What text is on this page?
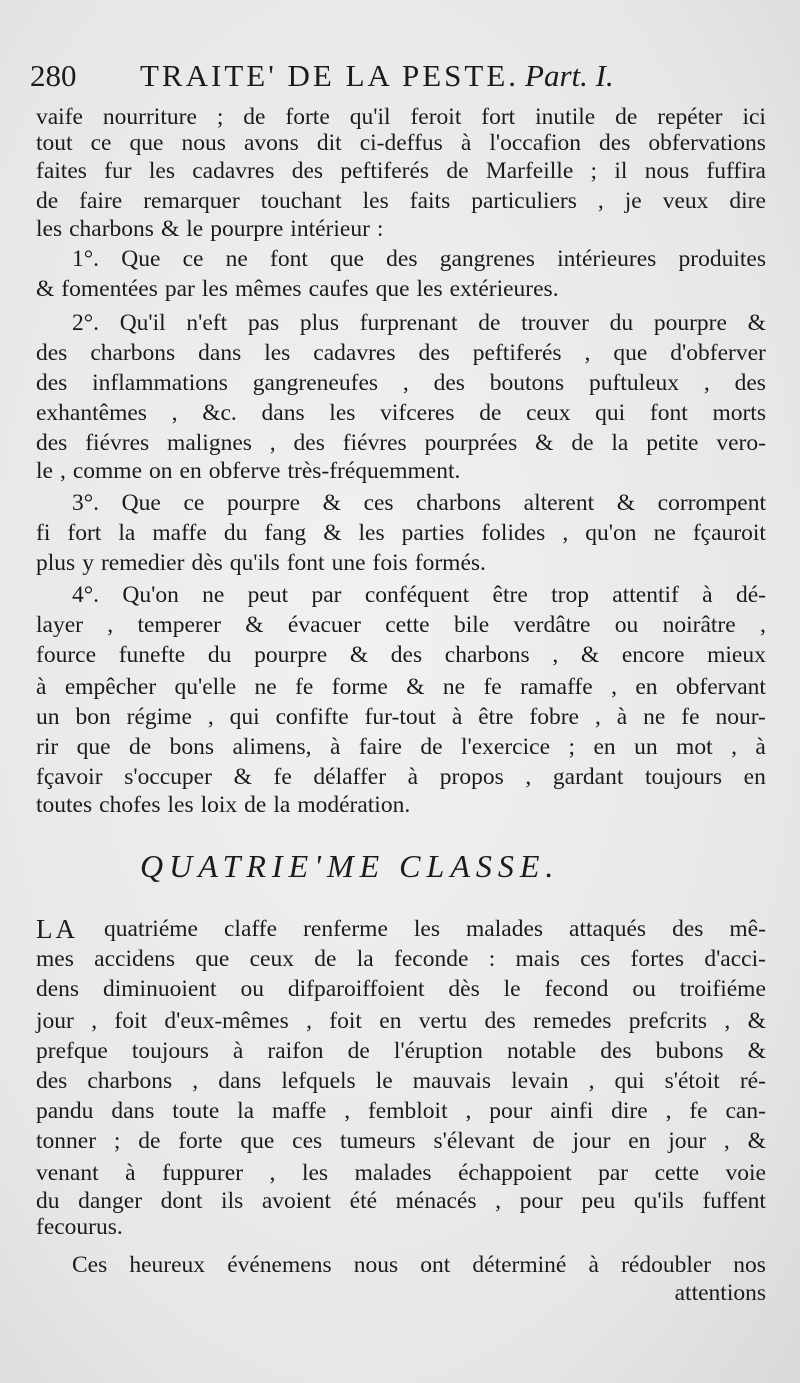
280 TRAITE' DE LA PESTE. Part. I.
vaife nourriture ; de forte qu'il feroit fort inutile de repéter ici
tout ce que nous avons dit ci-deffus à l'occafion des obfervations
faites fur les cadavres des peftiferés de Marfeille ; il nous fuffira
de faire remarquer touchant les faits particuliers , je veux dire
les charbons & le pourpre intérieur :
1°. Que ce ne font que des gangrenes intérieures produites
& fomentées par les mêmes caufes que les extérieures.
2°. Qu'il n'eft pas plus furprenant de trouver du pourpre &
des charbons dans les cadavres des peftiferés , que d'obferver
des inflammations gangreneufes , des boutons puftuleux , des
exhantêmes , &c. dans les vifceres de ceux qui font morts
des fiévres malignes , des fiévres pourprées & de la petite vero-
le , comme on en obferve très-fréquemment.
3°. Que ce pourpre & ces charbons alterent & corrompent
fi fort la maffe du fang & les parties folides , qu'on ne fçauroit
plus y remedier dès qu'ils font une fois formés.
4°. Qu'on ne peut par conféquent être trop attentif à dé-
layer , temperer & évacuer cette bile verdâtre ou noirâtre ,
fource funefte du pourpre & des charbons , & encore mieux
à empêcher qu'elle ne fe forme & ne fe ramaffe , en obfervant
un bon régime , qui confifte fur-tout à être fobre , à ne fe nour-
rir que de bons alimens, à faire de l'exercice ; en un mot , à
fçavoir s'occuper & fe délaffer à propos , gardant toujours en
toutes chofes les loix de la modération.
LA quatriéme claffe renferme les malades attaqués des mê-
mes accidens que ceux de la feconde : mais ces fortes d'acci-
dens diminuoient ou difparoiffoient dès le fecond ou troifiéme
jour , foit d'eux-mêmes , foit en vertu des remedes prefcrits , &
prefque toujours à raifon de l'éruption notable des bubons &
des charbons , dans lefquels le mauvais levain , qui s'étoit ré-
pandu dans toute la maffe , fembloit , pour ainfi dire , fe can-
tonner ; de forte que ces tumeurs s'élevant de jour en jour , &
venant à fuppurer , les malades échappoient par cette voie
du danger dont ils avoient été ménacés , pour peu qu'ils fuffent
fecourus.
Ces heureux événemens nous ont déterminé à rédoubler nos
attentions
QUATRIE'ME CLASSE.
